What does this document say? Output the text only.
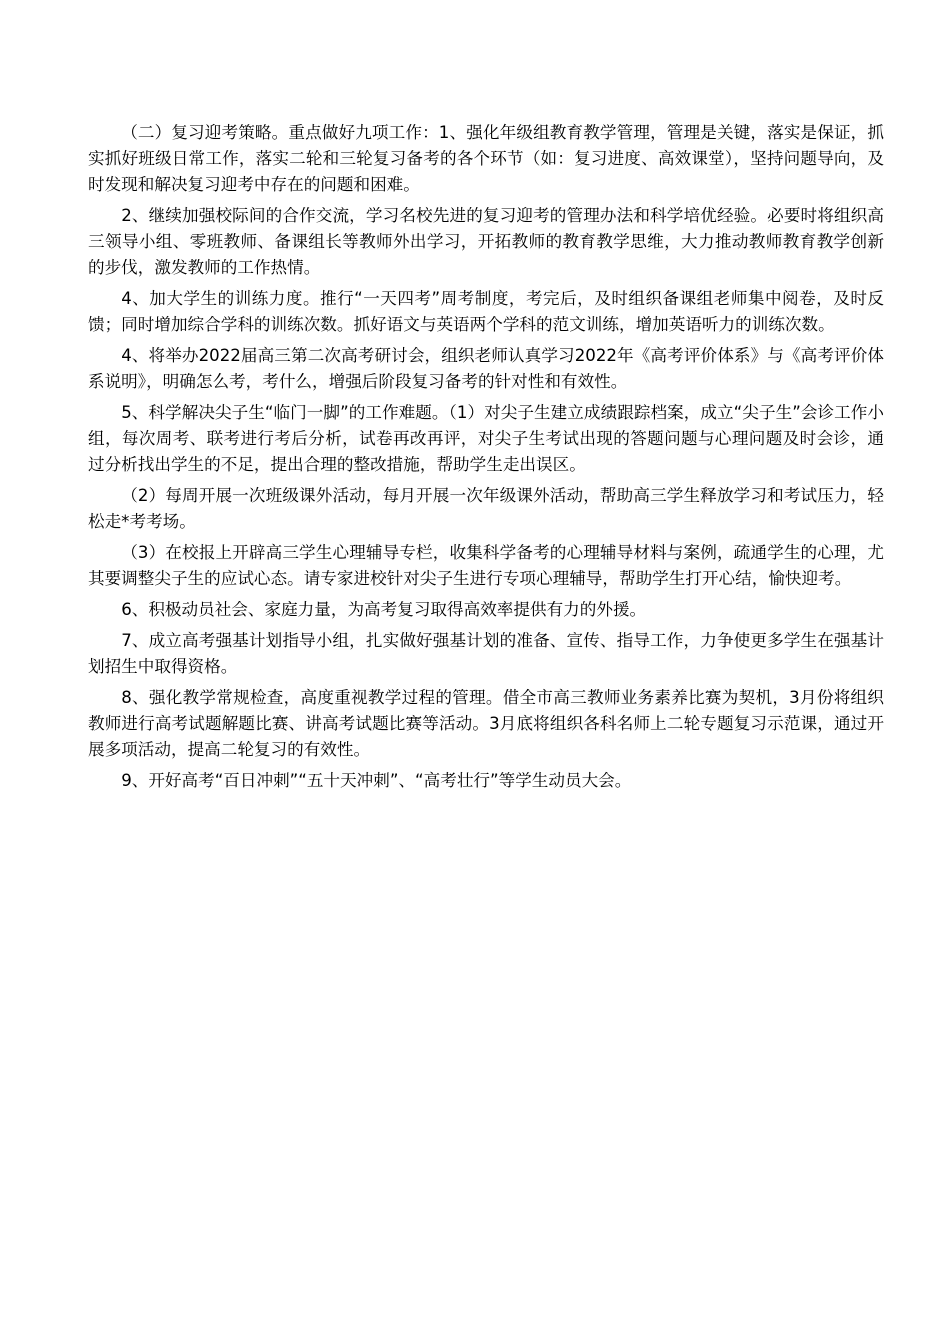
（二）复习迎考策略。重点做好九项工作：1、强化年级组教育教学管理，管理是关键，落实是保证，抓实抓好班级日常工作，落实二轮和三轮复习备考的各个环节（如：复习进度、高效课堂），坚持问题导向，及时发现和解决复习迎考中存在的问题和困难。

2、继续加强校际间的合作交流，学习名校先进的复习迎考的管理办法和科学培优经验。必要时将组织高三领导小组、零班教师、备课组长等教师外出学习，开拓教师的教育教学思维，大力推动教师教育教学创新的步伐，激发教师的工作热情。

4、加大学生的训练力度。推行“一天四考”周考制度，考完后，及时组织备课组老师集中阅卷，及时反馈；同时增加综合学科的训练次数。抓好语文与英语两个学科的范文训练，增加英语听力的训练次数。

4、将举办2022届高三第二次高考研讨会，组织老师认真学习2022年《高考评价体系》与《高考评价体系说明》，明确怎么考，考什么，增强后阶段复习备考的针对性和有效性。

5、科学解决尖子生“临门一脚”的工作难题。（1）对尖子生建立成绩跟踪档案，成立“尖子生”会诊工作小组，每次周考、联考进行考后分析，试卷再改再评，对尖子生考试出现的答题问题与心理问题及时会诊，通过分析找出学生的不足，提出合理的整改措施，帮助学生走出误区。

（2）每周开展一次班级课外活动，每月开展一次年级课外活动，帮助高三学生释放学习和考试压力，轻松走*考考场。

（3）在校报上开辟高三学生心理辅导专栏，收集科学备考的心理辅导材料与案例，疏通学生的心理，尤其要调整尖子生的应试心态。请专家进校针对尖子生进行专项心理辅导，帮助学生打开心结，愉快迎考。

6、积极动员社会、家庭力量，为高考复习取得高效率提供有力的外援。

7、成立高考强基计划指导小组，扎实做好强基计划的准备、宣传、指导工作，力争使更多学生在强基计划招生中取得资格。

8、强化教学常规检查，高度重视教学过程的管理。借全市高三教师业务素养比赛为契机，3月份将组织教师进行高考试题解题比赛、讲高考试题比赛等活动。3月底将组织各科名师上二轮专题复习示范课，通过开展多项活动，提高二轮复习的有效性。

9、开好高考“百日冲刺”“五十天冲刺”、“高考壮行”等学生动员大会。
